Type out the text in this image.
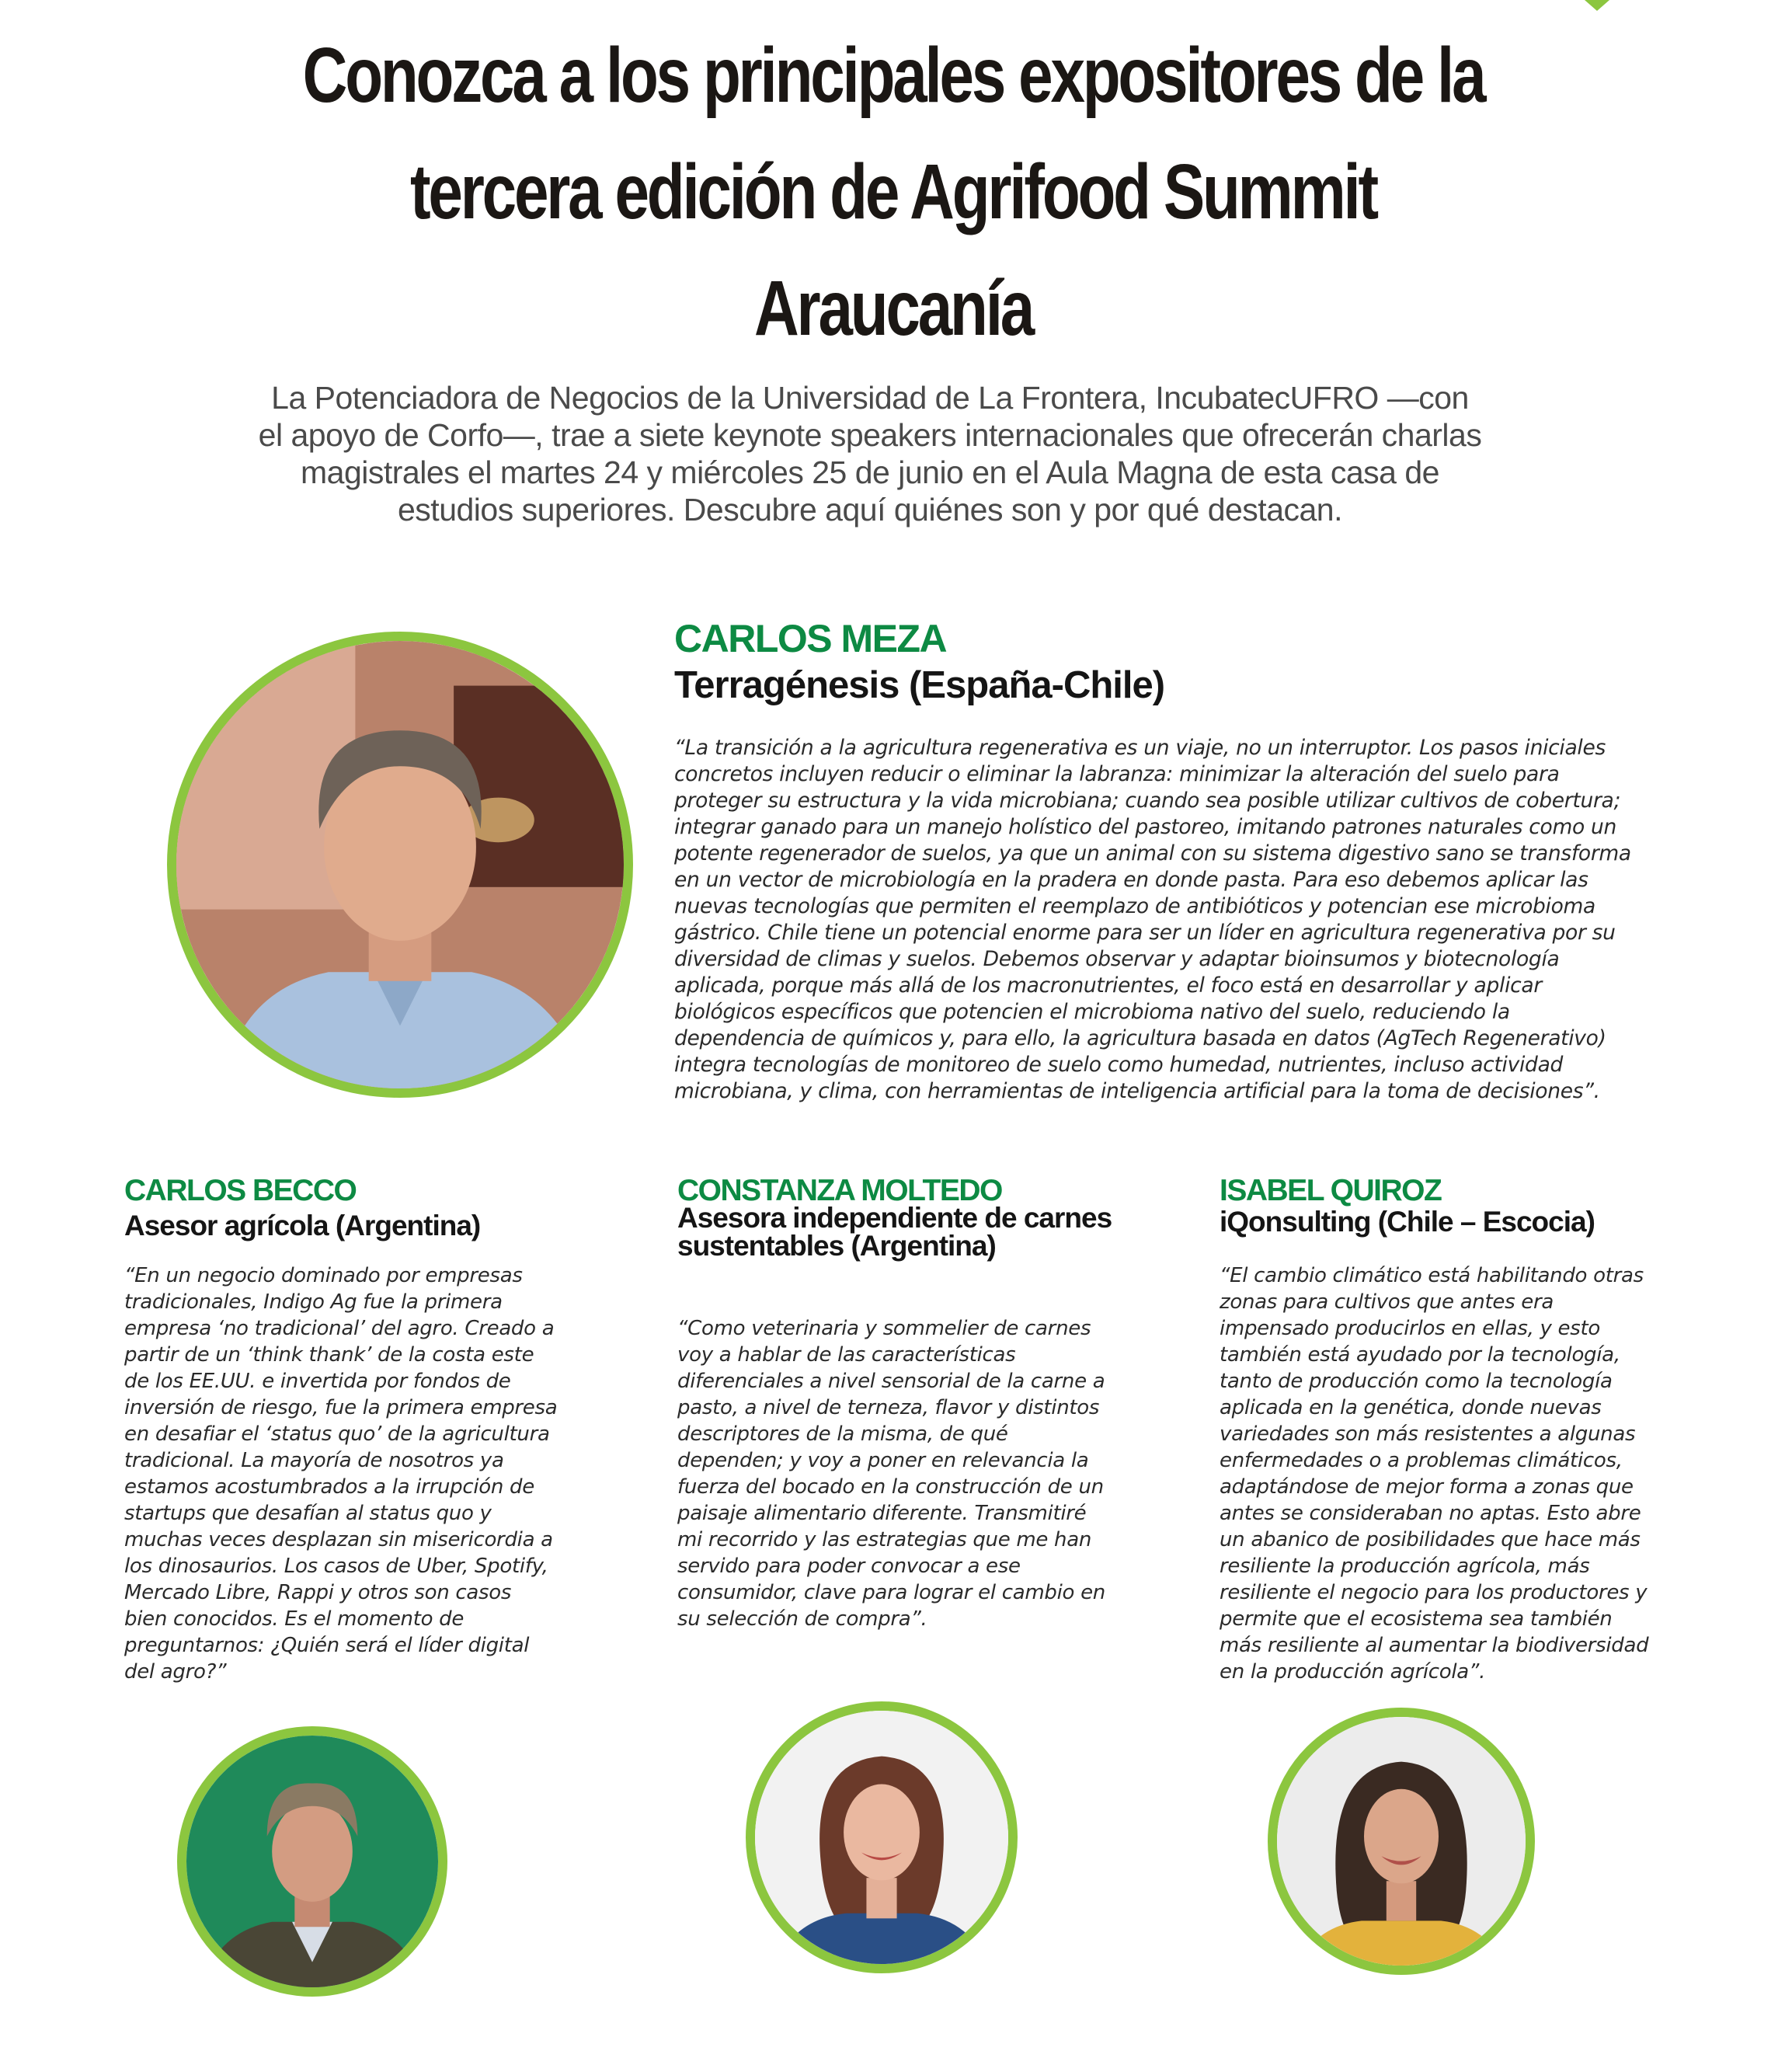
Conozca a los principales expositores de la tercera edición de Agrifood Summit Araucanía

La Potenciadora de Negocios de la Universidad de La Frontera, IncubatecUFRO —con el apoyo de Corfo—, trae a siete keynote speakers internacionales que ofrecerán charlas magistrales el martes 24 y miércoles 25 de junio en el Aula Magna de esta casa de estudios superiores. Descubre aquí quiénes son y por qué destacan.

CARLOS MEZA

Terragénesis (España-Chile)

“La transición a la agricultura regenerativa es un viaje, no un interruptor. Los pasos iniciales concretos incluyen reducir o eliminar la labranza: minimizar la alteración del suelo para proteger su estructura y la vida microbiana; cuando sea posible utilizar cultivos de cobertura; integrar ganado para un manejo holístico del pastoreo, imitando patrones naturales como un potente regenerador de suelos, ya que un animal con su sistema digestivo sano se transforma en un vector de microbiología en la pradera en donde pasta. Para eso debemos aplicar las nuevas tecnologías que permiten el reemplazo de antibióticos y potencian ese microbioma gástrico. Chile tiene un potencial enorme para ser un líder en agricultura regenerativa por su diversidad de climas y suelos. Debemos observar y adaptar bioinsumos y biotecnología aplicada, porque más allá de los macronutrientes, el foco está en desarrollar y aplicar biológicos específicos que potencien el microbioma nativo del suelo, reduciendo la dependencia de químicos y, para ello, la agricultura basada en datos (AgTech Regenerativo) integra tecnologías de monitoreo de suelo como humedad, nutrientes, incluso actividad microbiana, y clima, con herramientas de inteligencia artificial para la toma de decisiones”.

CARLOS BECCO

Asesor agrícola (Argentina)

“En un negocio dominado por empresas tradicionales, Indigo Ag fue la primera empresa ‘no tradicional’ del agro. Creado a partir de un ‘think thank’ de la costa este de los EE.UU. e invertida por fondos de inversión de riesgo, fue la primera empresa en desafiar el ‘status quo’ de la agricultura tradicional. La mayoría de nosotros ya estamos acostumbrados a la irrupción de startups que desafían al status quo y muchas veces desplazan sin misericordia a los dinosaurios. Los casos de Uber, Spotify, Mercado Libre, Rappi y otros son casos bien conocidos. Es el momento de preguntarnos: ¿Quién será el líder digital del agro?”

CONSTANZA MOLTEDO

Asesora independiente de carnes sustentables (Argentina)

“Como veterinaria y sommelier de carnes voy a hablar de las características diferenciales a nivel sensorial de la carne a pasto, a nivel de terneza, flavor y distintos descriptores de la misma, de qué dependen; y voy a poner en relevancia la fuerza del bocado en la construcción de un paisaje alimentario diferente. Transmitiré mi recorrido y las estrategias que me han servido para poder convocar a ese consumidor, clave para lograr el cambio en su selección de compra”.

ISABEL QUIROZ

iQonsulting (Chile – Escocia)

“El cambio climático está habilitando otras zonas para cultivos que antes era impensado producirlos en ellas, y esto también está ayudado por la tecnología, tanto de producción como la tecnología aplicada en la genética, donde nuevas variedades son más resistentes a algunas enfermedades o a problemas climáticos, adaptándose de mejor forma a zonas que antes se consideraban no aptas. Esto abre un abanico de posibilidades que hace más resiliente la producción agrícola, más resiliente el negocio para los productores y permite que el ecosistema sea también más resiliente al aumentar la biodiversidad en la producción agrícola”.
